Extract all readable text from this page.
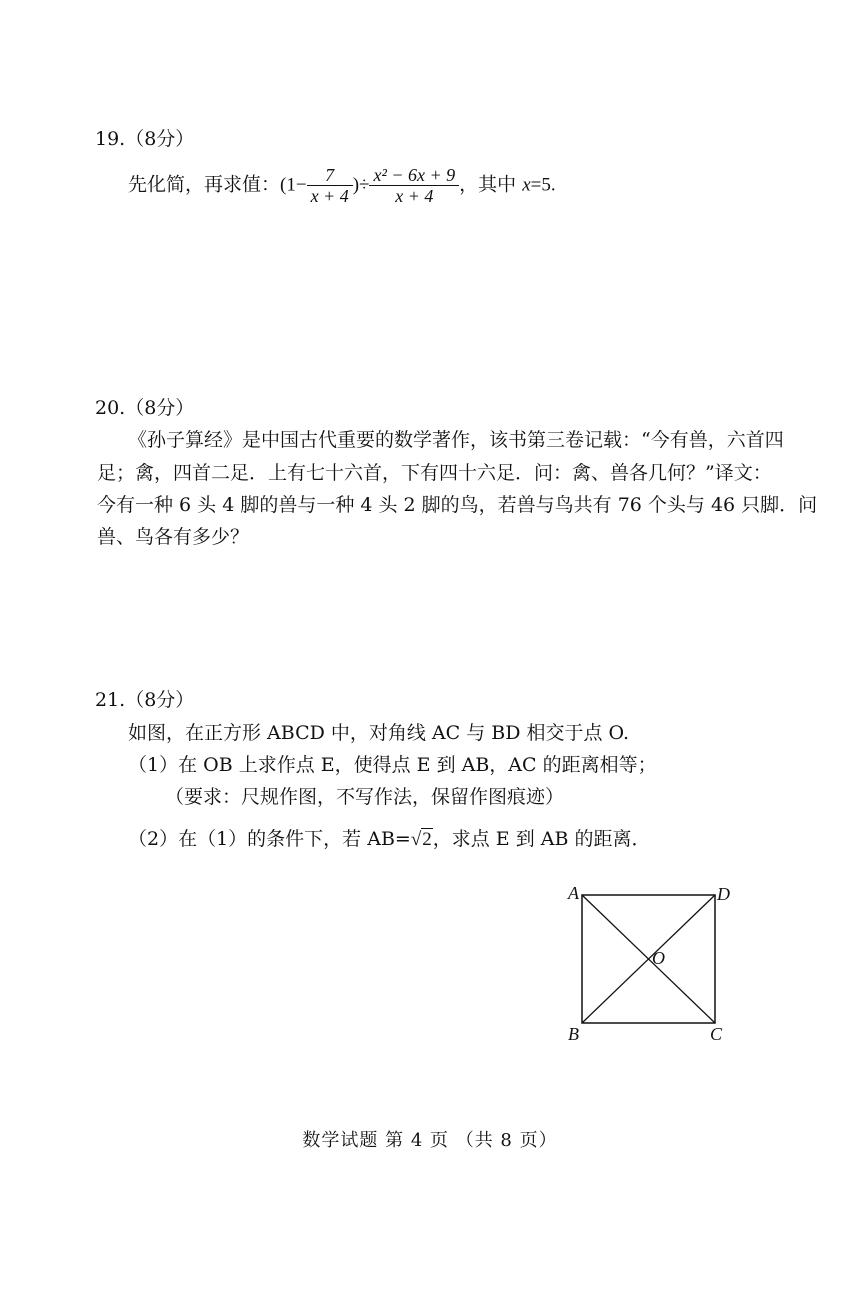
19.（8分）
先化简，再求值：($1- \frac{7}{x + 4}$ )÷ $\frac{\text{x² − 6x + 9}}{x + 4}$ ，其中 x=5.
20.（8分）
《孙子算经》是中国古代重要的数学著作，该书第三卷记载：“今有兽，六首四
足；禽，四首二足．上有七十六首，下有四十六足．问：禽、兽各几何？”译文：
今有一种 6 头 4 脚的兽与一种 4 头 2 脚的鸟，若兽与鸟共有 76 个头与 46 只脚．问
兽、鸟各有多少？
21.（8分）
如图，在正方形 ABCD 中，对角线 AC 与 BD 相交于点 O.
（1）在 OB 上求作点 E，使得点 E 到 AB，AC 的距离相等；
（要求：尺规作图，不写作法，保留作图痕迹）
（2）在（1）的条件下，若 AB=√2，求点 E 到 AB 的距离．
A	D
O
B	C
数学试题 第 4 页 （共 8 页）
